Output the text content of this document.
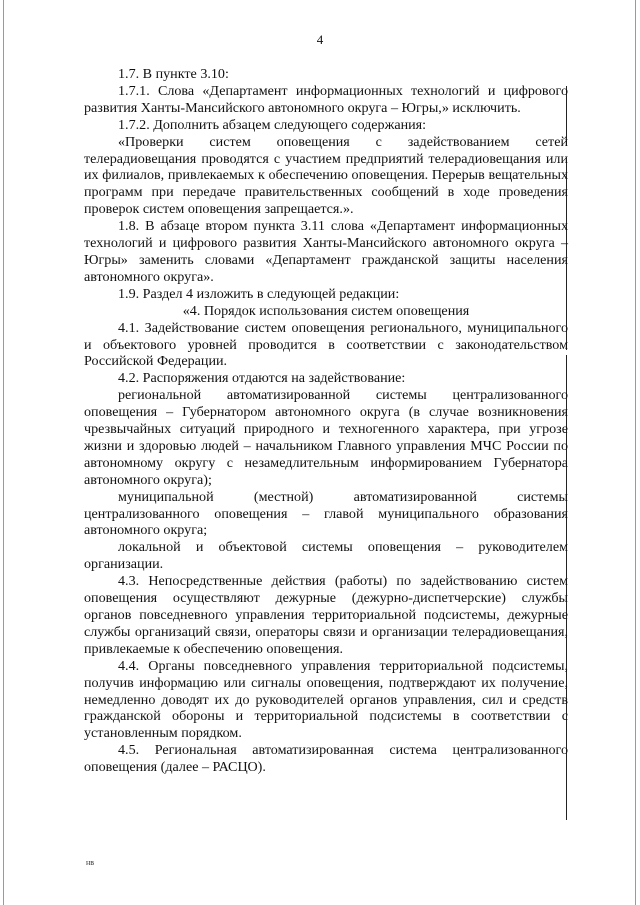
4

1.7. В пункте 3.10:

1.7.1. Слова «Департамент информационных технологий и цифрового развития Ханты-Мансийского автономного округа – Югры,» исключить.

1.7.2. Дополнить абзацем следующего содержания:

«Проверки систем оповещения с задействованием сетей телерадиовещания проводятся с участием предприятий телерадиовещания или их филиалов, привлекаемых к обеспечению оповещения. Перерыв вещательных программ при передаче правительственных сообщений в ходе проведения проверок систем оповещения запрещается.».

1.8. В абзаце втором пункта 3.11 слова «Департамент информационных технологий и цифрового развития Ханты-Мансийского автономного округа – Югры» заменить словами «Департамент гражданской защиты населения автономного округа».

1.9. Раздел 4 изложить в следующей редакции:

«4. Порядок использования систем оповещения

4.1. Задействование систем оповещения регионального, муниципального и объектового уровней проводится в соответствии с законодательством Российской Федерации.

4.2. Распоряжения отдаются на задействование:

региональной автоматизированной системы централизованного оповещения – Губернатором автономного округа (в случае возникновения чрезвычайных ситуаций природного и техногенного характера, при угрозе жизни и здоровью людей – начальником Главного управления МЧС России по автономному округу с незамедлительным информированием Губернатора автономного округа);

муниципальной (местной) автоматизированной системы централизованного оповещения – главой муниципального образования автономного округа;

локальной и объектовой системы оповещения – руководителем организации.

4.3. Непосредственные действия (работы) по задействованию систем оповещения осуществляют дежурные (дежурно-диспетчерские) службы органов повседневного управления территориальной подсистемы, дежурные службы организаций связи, операторы связи и организации телерадиовещания, привлекаемые к обеспечению оповещения.

4.4. Органы повседневного управления территориальной подсистемы, получив информацию или сигналы оповещения, подтверждают их получение, немедленно доводят их до руководителей органов управления, сил и средств гражданской обороны и территориальной подсистемы в соответствии с установленным порядком.

4.5. Региональная автоматизированная система централизованного оповещения (далее – РАСЦО).

нв
